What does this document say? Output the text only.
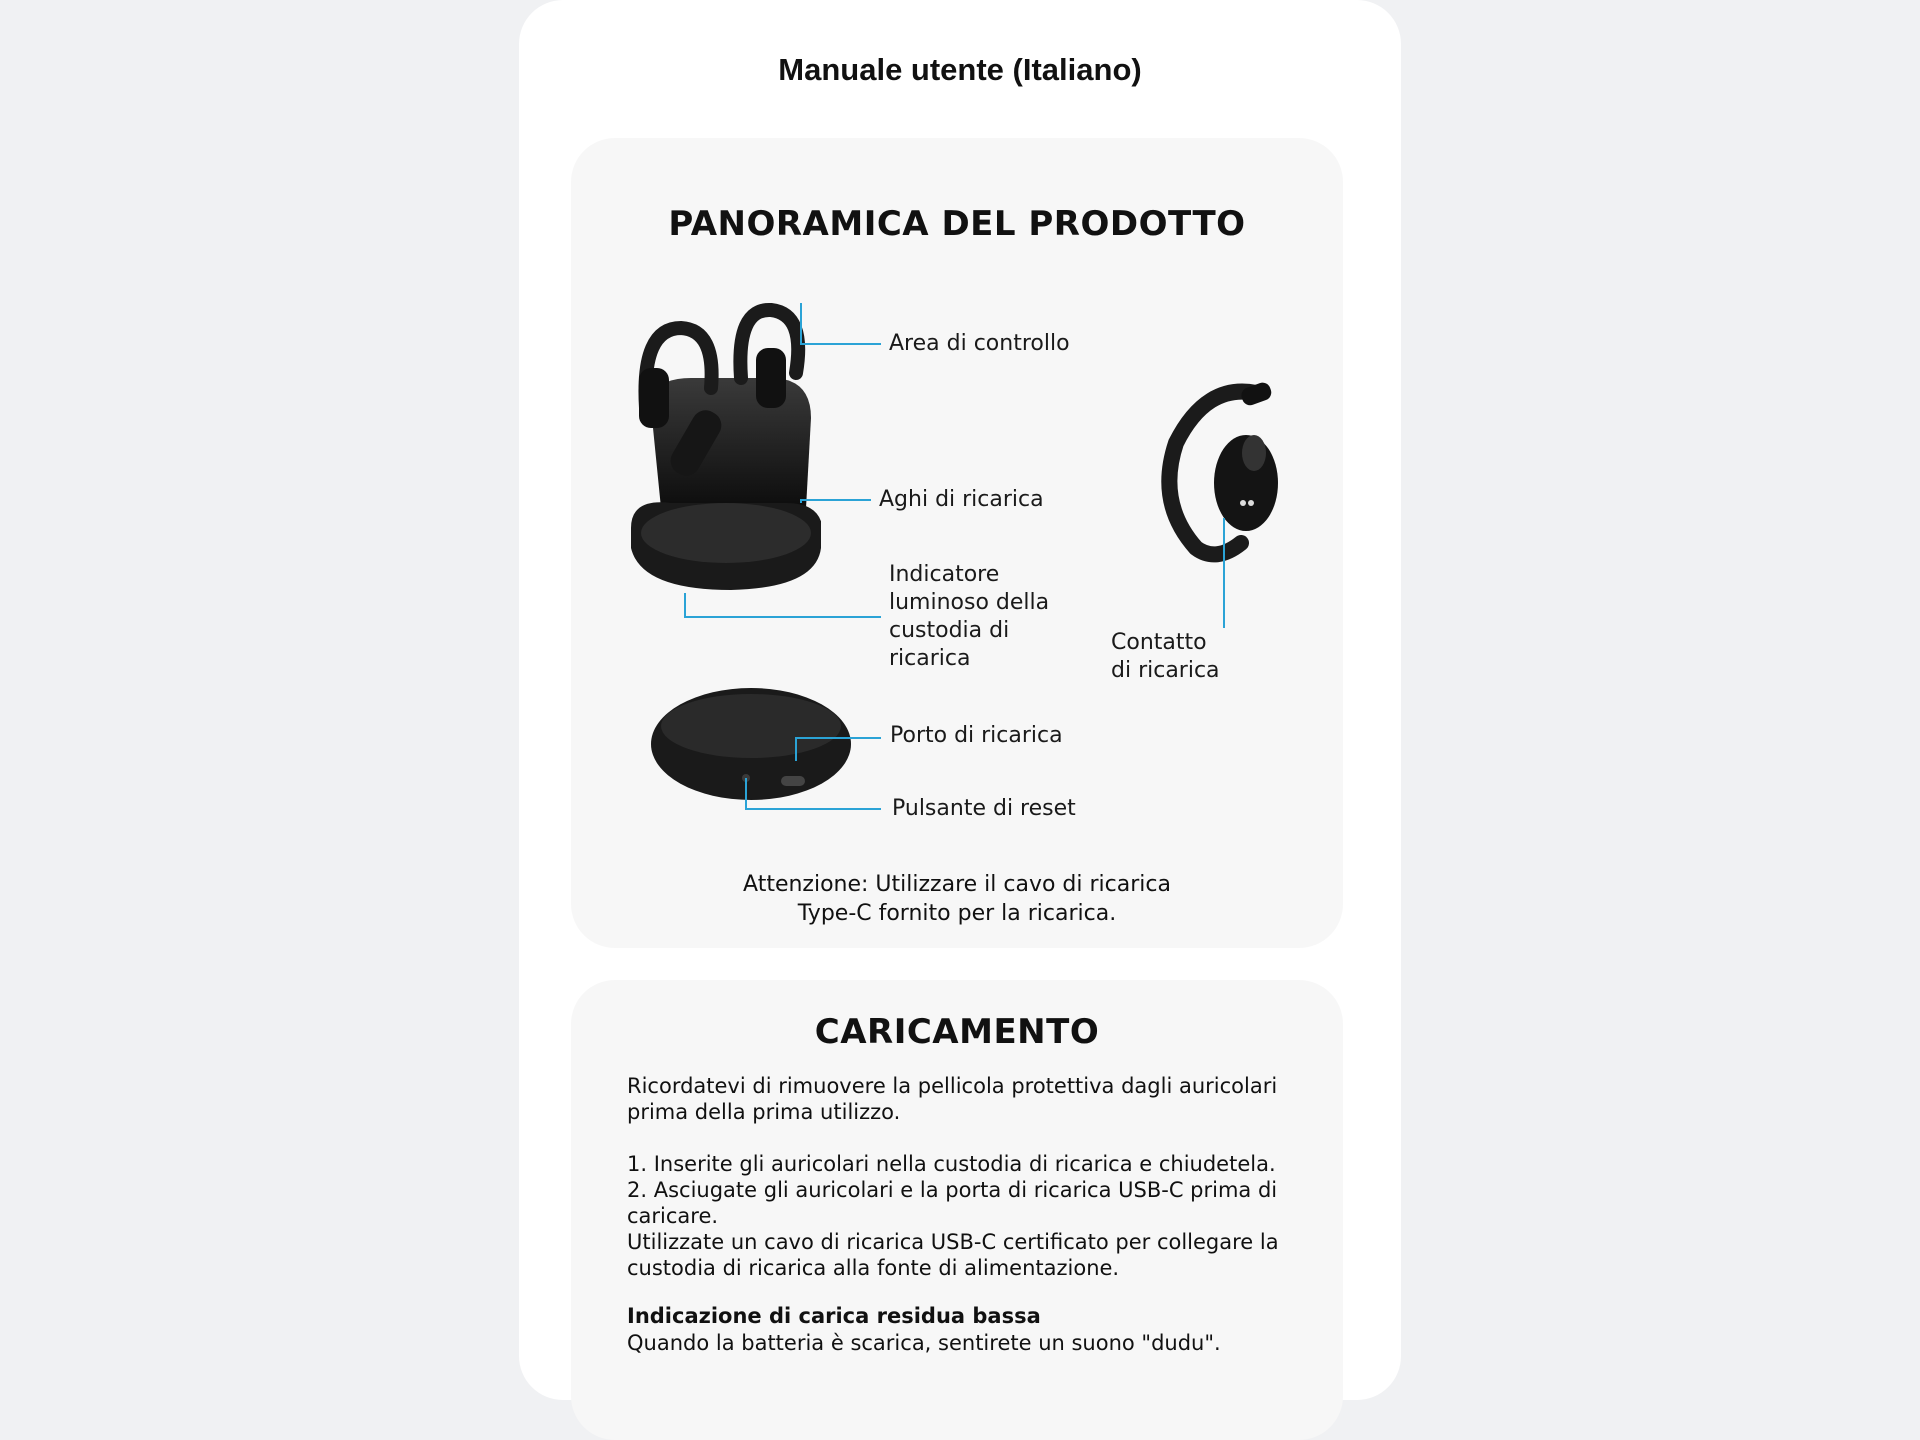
Manuale utente (Italiano)
PANORAMICA DEL PRODOTTO
Area di controllo
Aghi di ricarica
Indicatore
luminoso della
custodia di
ricarica
Contatto
di ricarica
Porto di ricarica
Pulsante di reset
Attenzione: Utilizzare il cavo di ricarica
Type-C fornito per la ricarica.
CARICAMENTO
Ricordatevi di rimuovere la pellicola protettiva dagli auricolari
prima della prima utilizzo.
1. Inserite gli auricolari nella custodia di ricarica e chiudetela.
2. Asciugate gli auricolari e la porta di ricarica USB-C prima di
caricare.
Utilizzate un cavo di ricarica USB-C certificato per collegare la
custodia di ricarica alla fonte di alimentazione.
Indicazione di carica residua bassa
Quando la batteria è scarica, sentirete un suono "dudu".
